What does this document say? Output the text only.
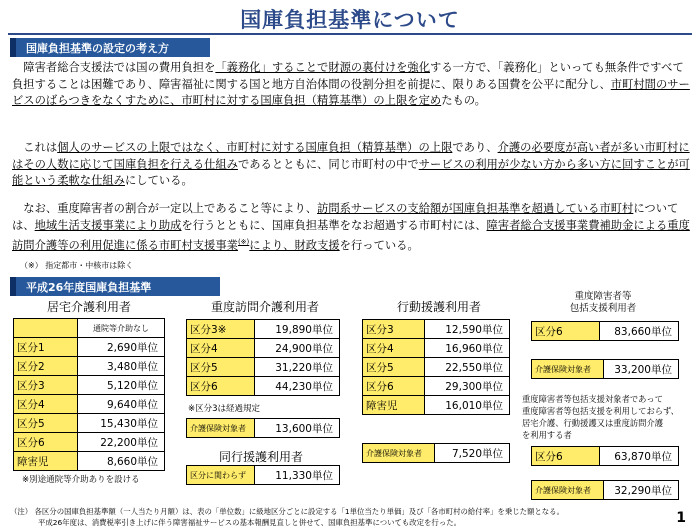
国庫負担基準について
国庫負担基準の設定の考え方
障害者総合支援法では国の費用負担を「義務化」することで財源の裏付けを強化する一方で、「義務化」といっても無条件ですべて負担することは困難であり、障害福祉に関する国と地方自治体間の役割分担を前提に、限りある国費を公平に配分し、市町村間のサービスのばらつきをなくすために、市町村に対する国庫負担（精算基準）の上限を定めたもの。
これは個人のサービスの上限ではなく、市町村に対する国庫負担（精算基準）の上限であり、介護の必要度が高い者が多い市町村にはその人数に応じて国庫負担を行える仕組みであるとともに、同じ市町村の中でサービスの利用が少ない方から多い方に回すことが可能という柔軟な仕組みにしている。
なお、重度障害者の割合が一定以上であること等により、訪問系サービスの支給額が国庫負担基準を超過している市町村については、地域生活支援事業により助成を行うとともに、国庫負担基準をなお超過する市町村には、障害者総合支援事業費補助金による重度訪問介護等の利用促進に係る市町村支援事業(※)により、財政支援を行っている。
（※） 指定都市・中核市は除く
平成26年度国庫負担基準
居宅介護利用者
	通院等介助なし
区分1	2,690単位
区分2	3,480単位
区分3	5,120単位
区分4	9,640単位
区分5	15,430単位
区分6	22,200単位
障害児	8,660単位
※別途通院等介助ありを設ける
重度訪問介護利用者
区分3※	19,890単位
区分4	24,900単位
区分5	31,220単位
区分6	44,230単位
※区分3は経過規定
介護保険対象者	13,600単位
同行援護利用者
区分に関わらず	11,330単位
行動援護利用者
区分3	12,590単位
区分4	16,960単位
区分5	22,550単位
区分6	29,300単位
障害児	16,010単位
介護保険対象者	7,520単位
重度障害者等
包括支援利用者
区分6	83,660単位
介護保険対象者	33,200単位
重度障害者等包括支援対象者であって
重度障害者等包括支援を利用しておらず、
居宅介護、行動援護又は重度訪問介護
を利用する者
区分6	63,870単位
介護保険対象者	32,290単位
（注） 各区分の国庫負担基準額（一人当たり月額）は、表の「単位数」に級地区分ごとに設定する「1単位当たり単価」及び「各市町村の給付率」を乗じた額となる。
平成26年度は、消費税率引き上げに伴う障害福祉サービスの基本報酬見直しと併せて、国庫負担基準についても改定を行った。	1
